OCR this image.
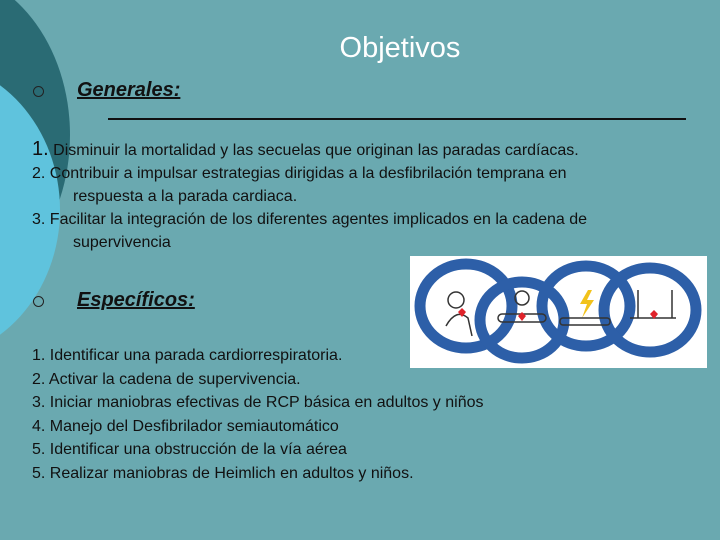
Objetivos
Generales:
1. Disminuir la mortalidad y las secuelas que originan las paradas cardíacas.
2. Contribuir a impulsar estrategias dirigidas a la desfibrilación temprana en
respuesta a la parada cardiaca.
3. Facilitar la integración de los diferentes agentes implicados en la cadena de
supervivencia
Específicos:
1. Identificar una parada cardiorrespiratoria.
2. Activar la cadena de supervivencia.
3. Iniciar maniobras efectivas de RCP básica en adultos y niños
4. Manejo del Desfibrilador semiautomático
5. Identificar una obstrucción de la vía aérea
5. Realizar maniobras de Heimlich en adultos y niños.
